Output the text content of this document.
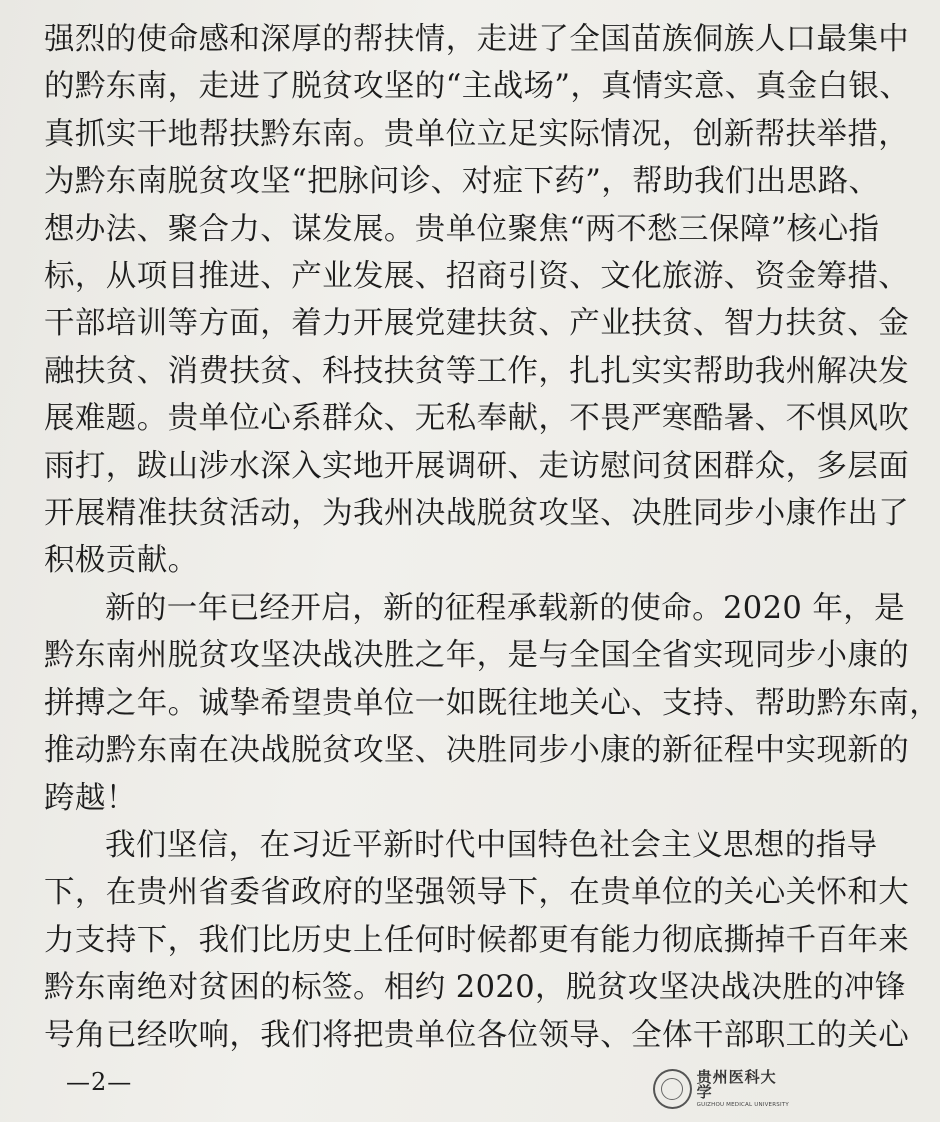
强烈的使命感和深厚的帮扶情，走进了全国苗族侗族人口最集中
的黔东南，走进了脱贫攻坚的“主战场”，真情实意、真金白银、
真抓实干地帮扶黔东南。贵单位立足实际情况，创新帮扶举措，
为黔东南脱贫攻坚“把脉问诊、对症下药”，帮助我们出思路、
想办法、聚合力、谋发展。贵单位聚焦“两不愁三保障”核心指
标，从项目推进、产业发展、招商引资、文化旅游、资金筹措、
干部培训等方面，着力开展党建扶贫、产业扶贫、智力扶贫、金
融扶贫、消费扶贫、科技扶贫等工作，扎扎实实帮助我州解决发
展难题。贵单位心系群众、无私奉献，不畏严寒酷暑、不惧风吹
雨打，跋山涉水深入实地开展调研、走访慰问贫困群众，多层面
开展精准扶贫活动，为我州决战脱贫攻坚、决胜同步小康作出了
积极贡献。
新的一年已经开启，新的征程承载新的使命。2020 年，是
黔东南州脱贫攻坚决战决胜之年，是与全国全省实现同步小康的
拼搏之年。诚挚希望贵单位一如既往地关心、支持、帮助黔东南，
推动黔东南在决战脱贫攻坚、决胜同步小康的新征程中实现新的
跨越！
我们坚信，在习近平新时代中国特色社会主义思想的指导
下，在贵州省委省政府的坚强领导下，在贵单位的关心关怀和大
力支持下，我们比历史上任何时候都更有能力彻底撕掉千百年来
黔东南绝对贫困的标签。相约 2020，脱贫攻坚决战决胜的冲锋
号角已经吹响，我们将把贵单位各位领导、全体干部职工的关心
—2—	贵州医科大学
GUIZHOU MEDICAL UNIVERSITY
